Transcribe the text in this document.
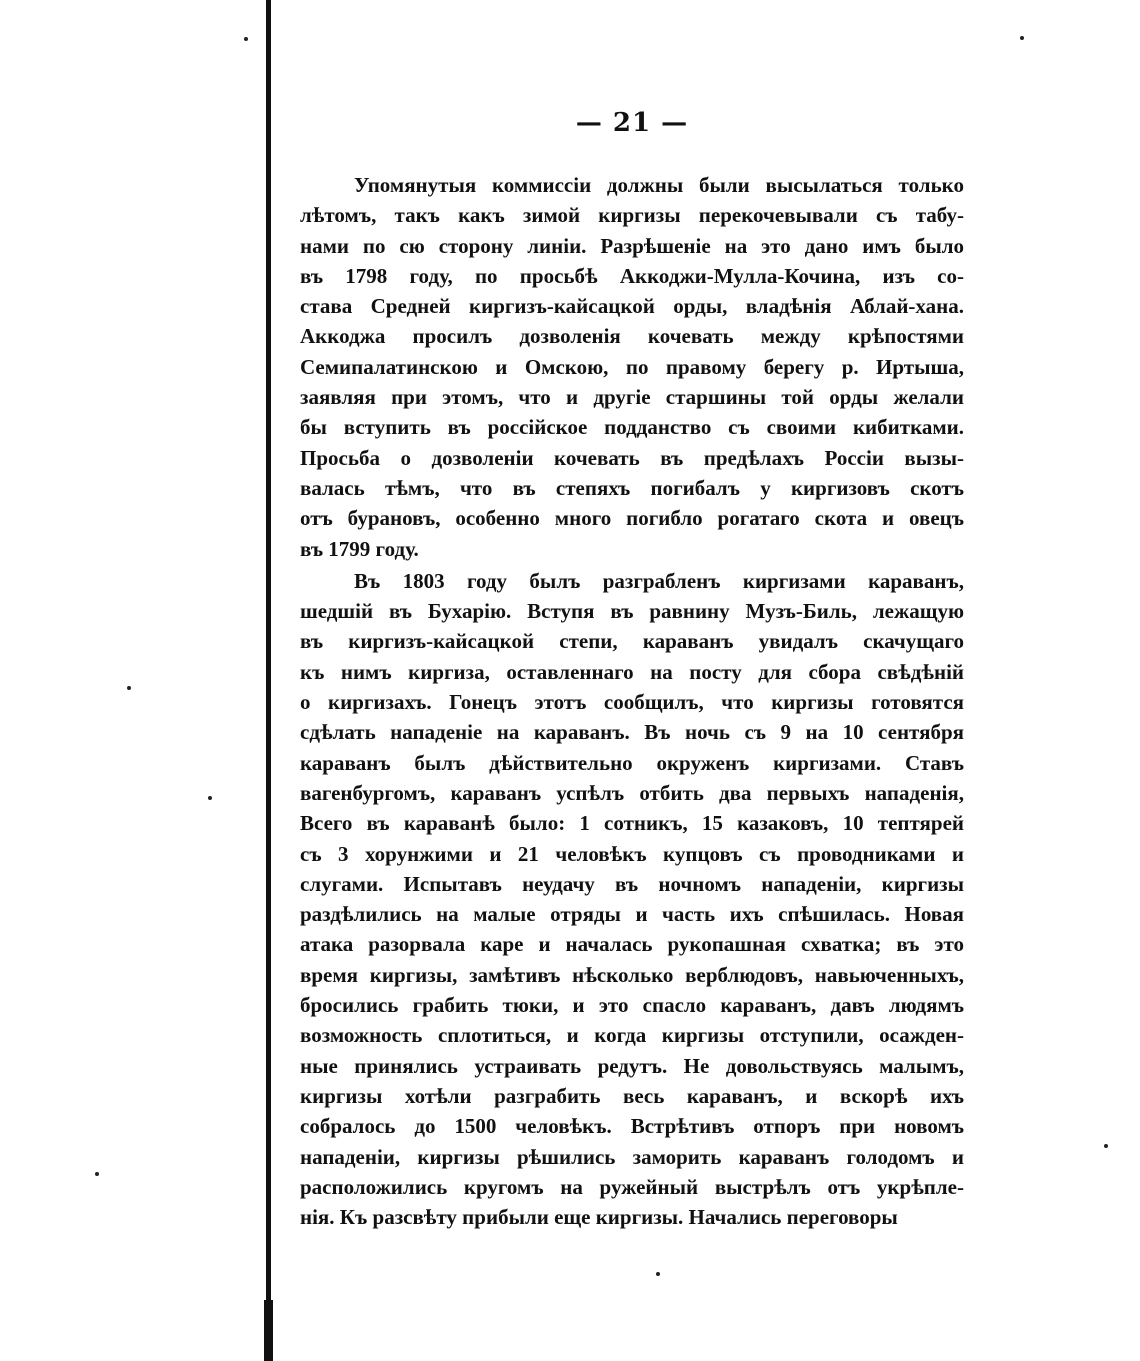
— 21 —

Упомянутыя коммиссіи должны были высылаться только
лѣтомъ, такъ какъ зимой киргизы перекочевывали съ табу-
нами по сю сторону линіи. Разрѣшеніе на это дано имъ было
въ 1798 году, по просьбѣ Аккоджи-Мулла-Кочина, изъ со-
става Средней киргизъ-кайсацкой орды, владѣнія Аблай-хана.
Аккоджа просилъ дозволенія кочевать между крѣпостями
Семипалатинскою и Омскою, по правому берегу р. Иртыша,
заявляя при этомъ, что и другіе старшины той орды желали
бы вступить въ россійское подданство съ своими кибитками.
Просьба о дозволеніи кочевать въ предѣлахъ Россіи вызы-
валась тѣмъ, что въ степяхъ погибалъ у киргизовъ скотъ
отъ бурановъ, особенно много погибло рогатаго скота и овецъ
въ 1799 году.

Въ 1803 году былъ разграбленъ киргизами караванъ,
шедшій въ Бухарію. Вступя въ равнину Музъ-Биль, лежащую
въ киргизъ-кайсацкой степи, караванъ увидалъ скачущаго
къ нимъ киргиза, оставленнаго на посту для сбора свѣдѣній
о киргизахъ. Гонецъ этотъ сообщилъ, что киргизы готовятся
сдѣлать нападеніе на караванъ. Въ ночь съ 9 на 10 сентября
караванъ былъ дѣйствительно окруженъ киргизами. Ставъ
вагенбургомъ, караванъ успѣлъ отбить два первыхъ нападенія,
Всего въ караванѣ было: 1 сотникъ, 15 казаковъ, 10 тептярей
съ 3 хорунжими и 21 человѣкъ купцовъ съ проводниками и
слугами. Испытавъ неудачу въ ночномъ нападеніи, киргизы
раздѣлились на малые отряды и часть ихъ спѣшилась. Новая
атака разорвала каре и началась рукопашная схватка; въ это
время киргизы, замѣтивъ нѣсколько верблюдовъ, навьюченныхъ,
бросились грабить тюки, и это спасло караванъ, давъ людямъ
возможность сплотиться, и когда киргизы отступили, осажден-
ные принялись устраивать редутъ. Не довольствуясь малымъ,
киргизы хотѣли разграбить весь караванъ, и вскорѣ ихъ
собралось до 1500 человѣкъ. Встрѣтивъ отпоръ при новомъ
нападеніи, киргизы рѣшились заморить караванъ голодомъ и
расположились кругомъ на ружейный выстрѣлъ отъ укрѣпле-
нія. Къ разсвѣту прибыли еще киргизы. Начались переговоры
